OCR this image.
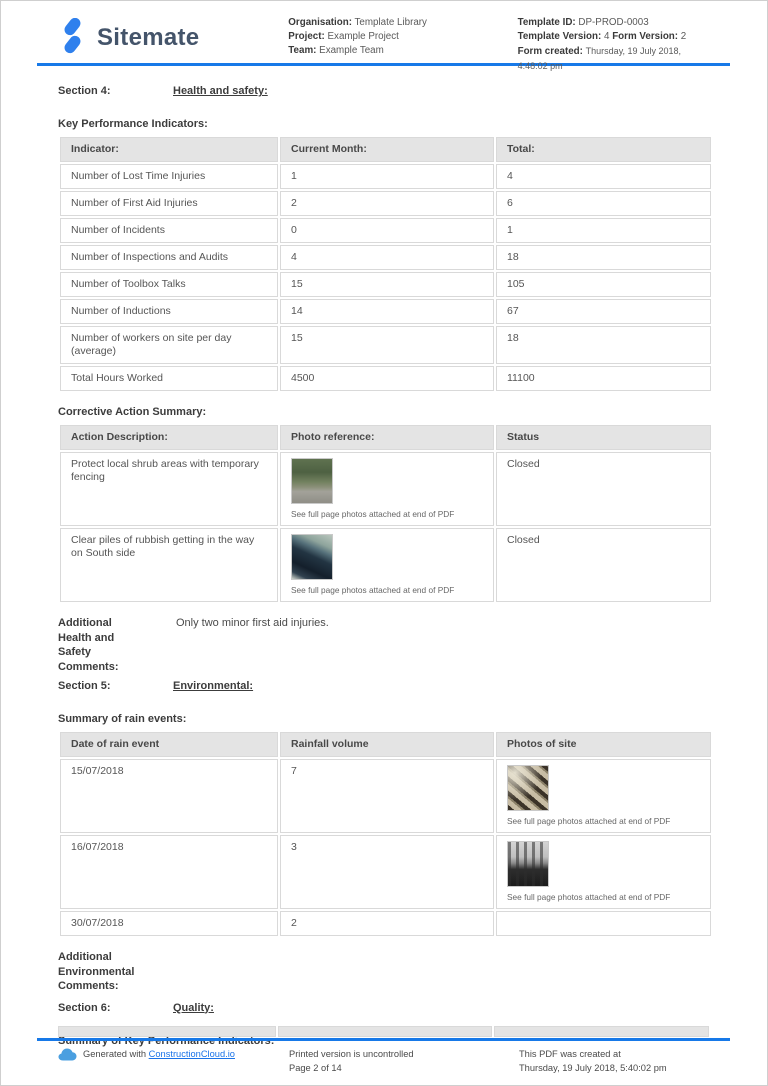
Sitemate
Organisation: Template Library
Project: Example Project
Team: Example Team
Template ID: DP-PROD-0003
Template Version: 4 Form Version: 2
Form created: Thursday, 19 July 2018, 4:48:02 pm
Section 4:	Health and safety:
Key Performance Indicators:
Indicator:	Current Month:	Total:
Number of Lost Time Injuries	1	4
Number of First Aid Injuries	2	6
Number of Incidents	0	1
Number of Inspections and Audits	4	18
Number of Toolbox Talks	15	105
Number of Inductions	14	67
Number of workers on site per day (average)	15	18
Total Hours Worked	4500	11100
Corrective Action Summary:
Action Description:	Photo reference:	Status
Protect local shrub areas with temporary fencing	See full page photos attached at end of PDF	Closed
Clear piles of rubbish getting in the way on South side	See full page photos attached at end of PDF	Closed
Additional Health and Safety Comments:
Only two minor first aid injuries.
Section 5:	Environmental:
Summary of rain events:
Date of rain event	Rainfall volume	Photos of site
15/07/2018	7	See full page photos attached at end of PDF

16/07/2018	3	See full page photos attached at end of PDF

30/07/2018	2	
Additional Environmental Comments:
Section 6:	Quality:
Generated with ConstructionCloud.io	Printed version is uncontrolled
Page 2 of 14
This PDF was created at
Thursday, 19 July 2018, 5:40:02 pm
